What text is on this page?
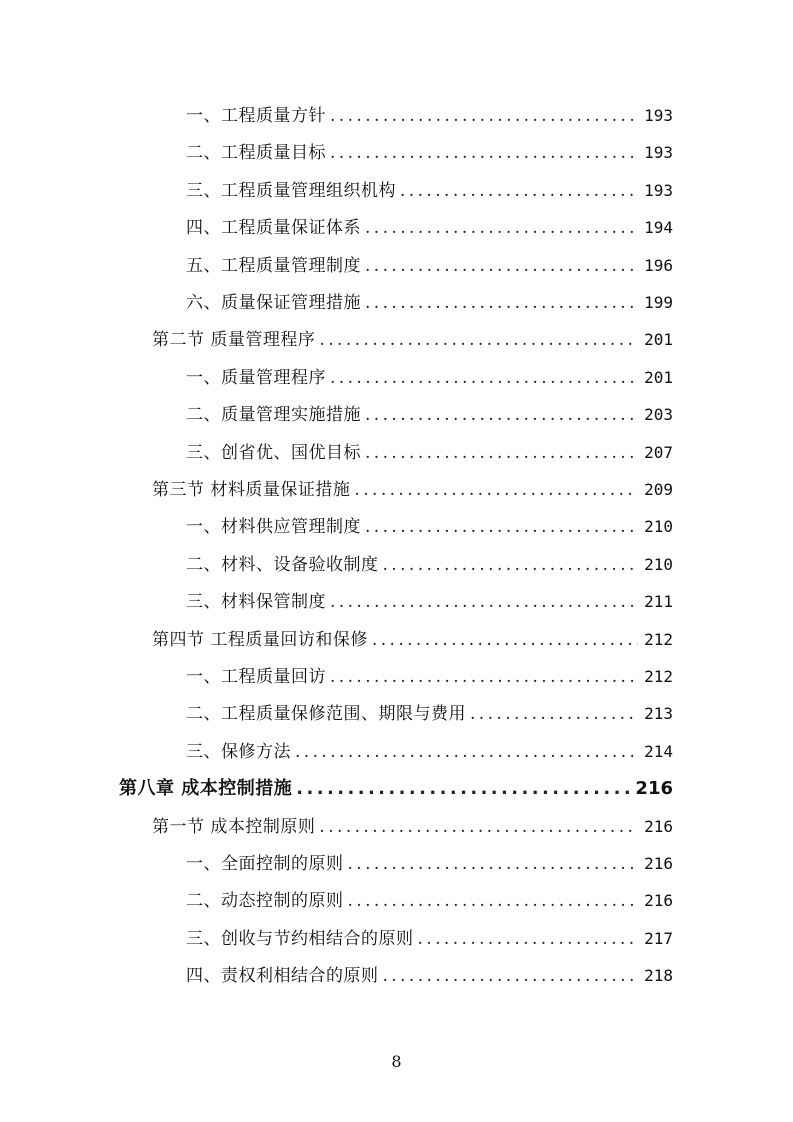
一、工程质量方针 .....	193
二、工程质量目标 .....	193
三、工程质量管理组织机构 .....	193
四、工程质量保证体系 .....	194
五、工程质量管理制度 .....	196
六、质量保证管理措施 .....	199
第二节 质量管理程序 .....	201
一、质量管理程序 .....	201
二、质量管理实施措施 .....	203
三、创省优、国优目标 .....	207
第三节 材料质量保证措施 .....	209
一、材料供应管理制度 .....	210
二、材料、设备验收制度 .....	210
三、材料保管制度 .....	211
第四节 工程质量回访和保修 .....	212
一、工程质量回访 .....	212
二、工程质量保修范围、期限与费用 .....	213
三、保修方法 .....	214
第八章 成本控制措施 .....	216
第一节 成本控制原则 .....	216
一、全面控制的原则 .....	216
二、动态控制的原则 .....	216
三、创收与节约相结合的原则 .....	217
四、责权利相结合的原则 .....	218
8
